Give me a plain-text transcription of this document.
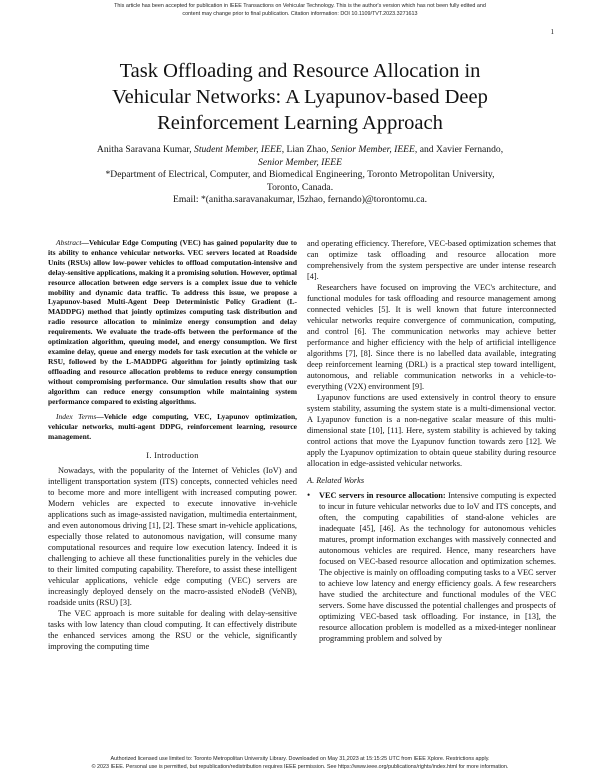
This article has been accepted for publication in IEEE Transactions on Vehicular Technology. This is the author's version which has not been fully edited and
content may change prior to final publication. Citation information: DOI 10.1109/TVT.2023.3271613
1
Task Offloading and Resource Allocation in
Vehicular Networks: A Lyapunov-based Deep
Reinforcement Learning Approach
Anitha Saravana Kumar, Student Member, IEEE, Lian Zhao, Senior Member, IEEE, and Xavier Fernando,
Senior Member, IEEE
*Department of Electrical, Computer, and Biomedical Engineering, Toronto Metropolitan University,
Toronto, Canada.
Email: *(anitha.saravanakumar, l5zhao, fernando)@torontomu.ca.

Abstract—Vehicular Edge Computing (VEC) has gained popularity due to its ability to enhance vehicular networks. VEC servers located at Roadside Units (RSUs) allow low-power vehicles to offload computation-intensive and delay-sensitive applications, making it a promising solution. However, optimal resource allocation between edge servers is a complex issue due to vehicle mobility and dynamic data traffic. To address this issue, we propose a Lyapunov-based Multi-Agent Deep Deterministic Policy Gradient (L-MADDPG) method that jointly optimizes computing task distribution and radio resource allocation to minimize energy consumption and delay requirements. We evaluate the trade-offs between the performance of the optimization algorithm, queuing model, and energy consumption. We first examine delay, queue and energy models for task execution at the vehicle or RSU, followed by the L-MADDPG algorithm for jointly optimizing task offloading and resource allocation problems to reduce energy consumption without compromising performance. Our simulation results show that our algorithm can reduce energy consumption while maintaining system performance compared to existing algorithms.

Index Terms—Vehicle edge computing, VEC, Lyapunov optimization, vehicular networks, multi-agent DDPG, reinforcement learning, resource management.

I. Introduction

Nowadays, with the popularity of the Internet of Vehicles (IoV) and intelligent transportation system (ITS) concepts, connected vehicles need to become more and more intelligent with increased computing power. Modern vehicles are expected to execute innovative in-vehicle applications such as image-assisted navigation, multimedia entertainment, and even autonomous driving [1], [2]. These smart in-vehicle applications, especially those related to autonomous navigation, will consume many computational resources and require low execution latency. Indeed it is challenging to achieve all these functionalities purely in the vehicles due to their limited computing capability. Therefore, to assist these intelligent vehicular applications, vehicle edge computing (VEC) servers are increasingly deployed densely on the macro-assisted eNodeB (VeNB), roadside units (RSU) [3].

The VEC approach is more suitable for dealing with delay-sensitive tasks with low latency than cloud computing. It can effectively distribute the enhanced services among the RSU or the vehicle, significantly improving the computing time

and operating efficiency. Therefore, VEC-based optimization schemes that can optimize task offloading and resource allocation more comprehensively from the system perspective are under intense research [4].

Researchers have focused on improving the VEC's architecture, and functional modules for task offloading and resource management among connected vehicles [5]. It is well known that future interconnected vehicular networks require convergence of communication, computing, and control [6]. The communication networks may achieve better performance and higher efficiency with the help of artificial intelligence algorithms [7], [8]. Since there is no labelled data available, integrating deep reinforcement learning (DRL) is a practical step toward intelligent, autonomous, and reliable communication networks in a vehicle-to-everything (V2X) environment [9].

Lyapunov functions are used extensively in control theory to ensure system stability, assuming the system state is a multi-dimensional vector. A Lyapunov function is a non-negative scalar measure of this multi-dimensional state [10], [11]. Here, system stability is achieved by taking control actions that move the Lyapunov function towards zero [12]. We apply the Lyapunov optimization to obtain queue stability during resource allocation in edge-assisted vehicular networks.

A. Related Works
•	VEC servers in resource allocation: Intensive computing is expected to incur in future vehicular networks due to IoV and ITS concepts, and often, the computing capabilities of stand-alone vehicles are inadequate [45], [46]. As the technology for autonomous vehicles matures, prompt information exchanges with massively connected and autonomous vehicles are required. Hence, many researchers have focused on VEC-based resource allocation and optimization schemes. The objective is mainly on offloading computing tasks to a VEC server to achieve low latency and energy efficiency goals. A few researchers have studied the architecture and functional modules of the VEC servers. Some have discussed the potential challenges and prospects of optimizing VEC-based task offloading. For instance, in [13], the resource allocation problem is modelled as a mixed-integer nonlinear programming problem and solved by
Authorized licensed use limited to: Toronto Metropolitan University Library. Downloaded on May 31,2023 at 15:15:25 UTC from IEEE Xplore. Restrictions apply.
© 2023 IEEE. Personal use is permitted, but republication/redistribution requires IEEE permission. See https://www.ieee.org/publications/rights/index.html for more information.
